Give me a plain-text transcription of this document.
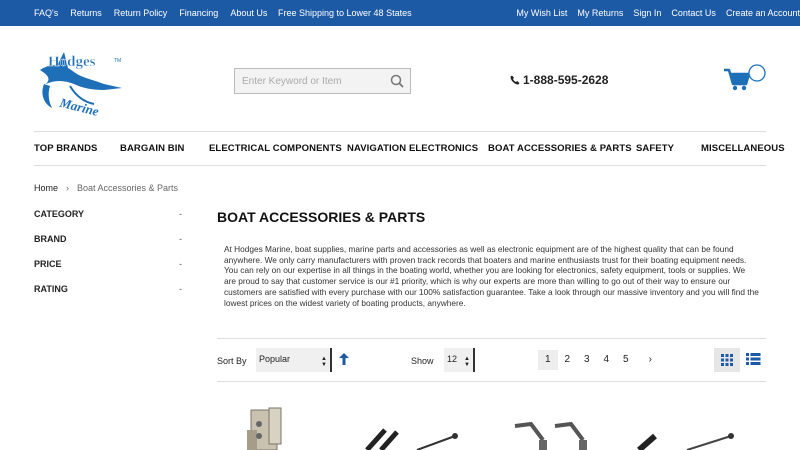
FAQ's Returns Return Policy Financing About Us Free Shipping to Lower 48 States	My Wish List My Returns Sign In Contact Us Create an Account
Hodges	TM
Marine
Enter Keyword or Item
1-888-595-2628
TOP BRANDS BARGAIN BIN	ELECTRICAL COMPONENTS NAVIGATION ELECTRONICS BOAT ACCESSORIES & PARTS SAFETY	MISCELLANEOUS
Home › Boat Accessories & Parts
CATEGORY	-
BRAND	-
PRICE	-
RATING	-
BOAT ACCESSORIES & PARTS
At Hodges Marine, boat supplies, marine parts and accessories as well as electronic equipment are of the highest quality that can be found anywhere. We only carry manufacturers with proven track records that boaters and marine enthusiasts trust for their boating equipment needs. You can rely on our expertise in all things in the boating world, whether you are looking for electronics, safety equipment, tools or supplies. We are proud to say that customer service is our #1 priority, which is why our experts are more than willing to go out of their way to ensure our customers are satisfied with every purchase with our 100% satisfaction guarantee. Take a look through our massive inventory and you will find the lowest prices on the widest variety of boating products, anywhere.
Sort By	Popular	▲
▼	Show	12 ▲
▼	1	2	3	4	5	›
